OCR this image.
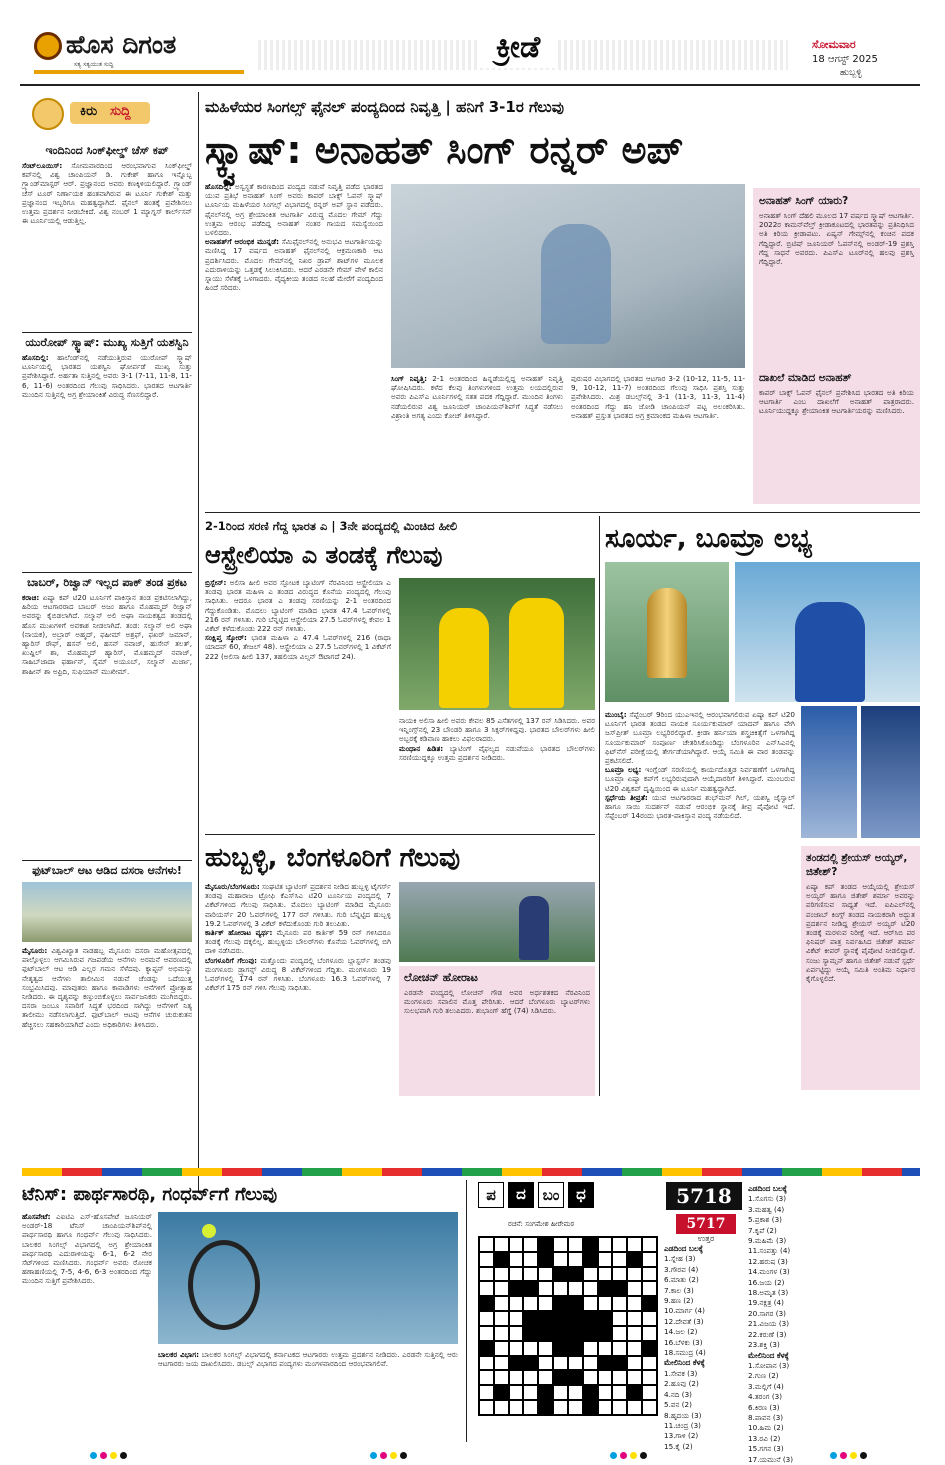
ಹೊಸ ದಿಗಂತ
ಸತ್ಯ ಸತ್ವಯುತ ಸುದ್ದಿ	ಕ್ರೀಡೆ	ಸೋಮವಾರ
18 ಆಗಸ್ಟ್ 2025
ಹುಬ್ಬಳ್ಳಿ
ಕಿರು ಸುದ್ದಿ
ಇಂದಿನಿಂದ ಸಿಂಕ್‌ಫೀಲ್ಡ್ ಚೆಸ್ ಕಪ್
ಸೆಂಟ್‌ಲೂಯಿಸ್: ಸೋಮವಾರದಿಂದ ಆರಂಭವಾಗುವ ಸಿಂಕ್‌ಫೀಲ್ಡ್ ಕಪ್‌ನಲ್ಲಿ ವಿಶ್ವ ಚಾಂಪಿಯನ್ ಡಿ. ಗುಕೇಶ್ ಹಾಗೂ ಇನ್ನೊಬ್ಬ ಗ್ರ್ಯಾಂಡ್‌ಮಾಸ್ಟರ್ ಆರ್. ಪ್ರಜ್ಞಾನಂದ ಅವರು ಕಣಕ್ಕಿಳಿಯಲಿದ್ದಾರೆ. ಗ್ರ್ಯಾಂಡ್ ಚೆಸ್ ಟೂರ್ ನಿರ್ಣಾಯಕ ಹಂತವಾಗಿರುವ ಈ ಟೂರ್ನಿ ಗುಕೇಶ್ ಮತ್ತು ಪ್ರಜ್ಞಾನಂದ ಇಬ್ಬರಿಗೂ ಮಹತ್ವದ್ದಾಗಿದೆ. ಫೈನಲ್ ಹಂತಕ್ಕೆ ಪ್ರವೇಶಿಸಲು ಉತ್ತಮ ಪ್ರದರ್ಶನ ನೀಡಬೇಕಿದೆ. ವಿಶ್ವ ನಂಬರ್ 1 ಮ್ಯಾಗ್ನಸ್ ಕಾರ್ಲ್‌ಸನ್ ಈ ಟೂರ್ನಿಯಲ್ಲಿ ಆಡುತ್ತಿಲ್ಲ.
ಯುರೋಪ್ ಸ್ಕ್ವಾಷ್: ಮುಖ್ಯ ಸುತ್ತಿಗೆ ಯಶಸ್ವಿನಿ
ಹೊಸದಿಲ್ಲಿ: ಹಾಲೆಂಡ್‌ನಲ್ಲಿ ನಡೆಯುತ್ತಿರುವ ಯುರೋಪ್ ಸ್ಕ್ವಾಷ್ ಟೂರ್ನಿಯಲ್ಲಿ ಭಾರತದ ಯಶಸ್ವಿನಿ ಘೋರ್ಪಡೆ ಮುಖ್ಯ ಸುತ್ತು ಪ್ರವೇಶಿಸಿದ್ದಾರೆ. ಅರ್ಹತಾ ಸುತ್ತಿನಲ್ಲಿ ಅವರು 3-1 (7-11, 11-8, 11-6, 11-6) ಅಂತರದಿಂದ ಗೆಲುವು ಸಾಧಿಸಿದರು. ಭಾರತದ ಆಟಗಾರ್ತಿ ಮುಂದಿನ ಸುತ್ತಿನಲ್ಲಿ ಅಗ್ರ ಶ್ರೇಯಾಂಕಿತೆ ವಿರುದ್ಧ ಸೆಣಸಲಿದ್ದಾರೆ.
ಬಾಬರ್, ರಿಜ್ವಾನ್ ಇಲ್ಲದ ಪಾಕ್ ತಂಡ ಪ್ರಕಟ
ಕರಾಚಿ: ಏಷ್ಯಾ ಕಪ್ ಟಿ20 ಟೂರ್ನಿಗೆ ಪಾಕಿಸ್ತಾನ ತಂಡ ಪ್ರಕಟಿಸಲಾಗಿದ್ದು, ಹಿರಿಯ ಆಟಗಾರರಾದ ಬಾಬರ್ ಅಜಂ ಹಾಗೂ ಮೊಹಮ್ಮದ್ ರಿಜ್ವಾನ್ ಅವರನ್ನು ಕೈಬಿಡಲಾಗಿದೆ. ಸಲ್ಮಾನ್ ಅಲಿ ಅಘಾ ನಾಯಕತ್ವದ ತಂಡದಲ್ಲಿ ಹೊಸ ಮುಖಗಳಿಗೆ ಅವಕಾಶ ನೀಡಲಾಗಿದೆ. ತಂಡ: ಸಲ್ಮಾನ್ ಅಲಿ ಅಘಾ (ನಾಯಕ), ಅಬ್ರಾರ್ ಅಹ್ಮದ್, ಫಹೀಮ್ ಅಶ್ರಫ್, ಫಖರ್ ಜಮಾನ್, ಹ್ಯಾರಿಸ್ ರೌಫ್, ಹಸನ್ ಅಲಿ, ಹಸನ್ ನವಾಜ್, ಹುಸೇನ್ ತಲತ್, ಖುಷ್ದಿಲ್ ಶಾ, ಮೊಹಮ್ಮದ್ ಹ್ಯಾರಿಸ್, ಮೊಹಮ್ಮದ್ ನವಾಜ್, ಸಾಹಿಬ್‌ಜಾದಾ ಫರ್ಹಾನ್, ಸೈಮ್ ಅಯೂಬ್, ಸಲ್ಮಾನ್ ಮಿರ್ಜಾ, ಶಾಹೀನ್ ಶಾ ಅಫ್ರಿದಿ, ಸುಫಿಯಾನ್ ಮುಖೀಮ್.
ಫುಟ್‌ಬಾಲ್ ಆಟ ಆಡಿದ ದಸರಾ ಆನೆಗಳು!
ಮೈಸೂರು: ವಿಶ್ವವಿಖ್ಯಾತ ನಾಡಹಬ್ಬ ಮೈಸೂರು ದಸರಾ ಮಹೋತ್ಸವದಲ್ಲಿ ಪಾಲ್ಗೊಳ್ಳಲು ಆಗಮಿಸಿರುವ ಗಜಪಡೆಯ ಆನೆಗಳು ಅರಮನೆ ಆವರಣದಲ್ಲಿ ಫುಟ್‌ಬಾಲ್ ಆಟ ಆಡಿ ಎಲ್ಲರ ಗಮನ ಸೆಳೆದವು. ಕ್ಯಾಪ್ಟನ್ ಅಭಿಮನ್ಯು ನೇತೃತ್ವದ ಆನೆಗಳು ತಾಲೀಮಿನ ನಡುವೆ ಚೆಂಡನ್ನು ಒದೆಯುತ್ತ ಸಂಭ್ರಮಿಸಿದವು. ಮಾವುತರು ಹಾಗೂ ಕಾವಾಡಿಗಳು ಆನೆಗಳಿಗೆ ಪ್ರೋತ್ಸಾಹ ನೀಡಿದರು. ಈ ದೃಶ್ಯವನ್ನು ಕಣ್ತುಂಬಿಕೊಳ್ಳಲು ಸಾರ್ವಜನಿಕರು ಮುಗಿಬಿದ್ದರು. ದಸರಾ ಜಂಬೂ ಸವಾರಿಗೆ ಸಿದ್ಧತೆ ಭರದಿಂದ ಸಾಗಿದ್ದು ಆನೆಗಳಿಗೆ ನಿತ್ಯ ತಾಲೀಮು ನಡೆಸಲಾಗುತ್ತಿದೆ. ಫುಟ್‌ಬಾಲ್ ಆಟವು ಆನೆಗಳ ಚುರುಕುತನ ಹೆಚ್ಚಿಸಲು ಸಹಕಾರಿಯಾಗಿದೆ ಎಂದು ಅಧಿಕಾರಿಗಳು ತಿಳಿಸಿದರು.
ಮಹಿಳೆಯರ ಸಿಂಗಲ್ಸ್ ಫೈನಲ್ ಪಂದ್ಯದಿಂದ ನಿವೃತ್ತಿ | ಹನಿಗೆ 3-1ರ ಗೆಲುವು
ಸ್ಕ್ವಾಷ್: ಅನಾಹತ್ ಸಿಂಗ್ ರನ್ನರ್ ಅಪ್
ಹೊಸದಿಲ್ಲಿ: ಅಸ್ವಸ್ಥತೆ ಕಾರಣದಿಂದ ಪಂದ್ಯದ ನಡುವೆ ನಿವೃತ್ತಿ ಪಡೆದ ಭಾರತದ ಯುವ ಪ್ರತಿಭೆ ಅನಾಹತ್ ಸಿಂಗ್ ಅವರು ಕಾಪರ್ ಬಾಕ್ಸ್ ಓಪನ್ ಸ್ಕ್ವಾಷ್ ಟೂರ್ನಿಯ ಮಹಿಳೆಯರ ಸಿಂಗಲ್ಸ್ ವಿಭಾಗದಲ್ಲಿ ರನ್ನರ್ ಅಪ್ ಸ್ಥಾನ ಪಡೆದರು. ಫೈನಲ್‌ನಲ್ಲಿ ಅಗ್ರ ಶ್ರೇಯಾಂಕಿತ ಆಟಗಾರ್ತಿ ವಿರುದ್ಧ ಮೊದಲ ಗೇಮ್ ಗೆದ್ದು ಉತ್ತಮ ಆರಂಭ ಪಡೆದಿದ್ದ ಅನಾಹತ್ ನಂತರ ಗಾಯದ ಸಮಸ್ಯೆಯಿಂದ ಬಳಲಿದರು.
ಅನಾಹತ್‌ಗೆ ಆರಂಭಿಕ ಮುನ್ನಡೆ: ಸೆಮಿಫೈನಲ್‌ನಲ್ಲಿ ಅನುಭವಿ ಆಟಗಾರ್ತಿಯನ್ನು ಮಣಿಸಿದ್ದ 17 ವರ್ಷದ ಅನಾಹತ್ ಫೈನಲ್‌ನಲ್ಲಿ ಆಕ್ರಮಣಕಾರಿ ಆಟ ಪ್ರದರ್ಶಿಸಿದರು. ಮೊದಲ ಗೇಮ್‌ನಲ್ಲಿ ನಿಖರ ಡ್ರಾಪ್ ಶಾಟ್‌ಗಳ ಮೂಲಕ ಎದುರಾಳಿಯನ್ನು ಒತ್ತಡಕ್ಕೆ ಸಿಲುಕಿಸಿದರು. ಆದರೆ ಎರಡನೇ ಗೇಮ್ ವೇಳೆ ಕಾಲಿನ ಸ್ನಾಯು ಸೆಳೆತಕ್ಕೆ ಒಳಗಾದರು. ವೈದ್ಯಕೀಯ ತಂಡದ ಸಲಹೆ ಮೇರೆಗೆ ಪಂದ್ಯದಿಂದ ಹಿಂದೆ ಸರಿದರು.
ಸಿಂಗ್ ನಿವೃತ್ತಿ: 2-1 ಅಂತರದಿಂದ ಹಿನ್ನಡೆಯಲ್ಲಿದ್ದ ಅನಾಹತ್ ನಿವೃತ್ತಿ ಘೋಷಿಸಿದರು. ಕಳೆದ ಕೆಲವು ತಿಂಗಳುಗಳಿಂದ ಉತ್ತಮ ಲಯದಲ್ಲಿರುವ ಅವರು ಪಿಎಸ್‌ಎ ಟೂರ್ನಿಗಳಲ್ಲಿ ಸತತ ಪದಕ ಗೆದ್ದಿದ್ದಾರೆ. ಮುಂದಿನ ತಿಂಗಳು ನಡೆಯಲಿರುವ ವಿಶ್ವ ಜೂನಿಯರ್ ಚಾಂಪಿಯನ್‌ಶಿಪ್‌ಗೆ ಸಿದ್ಧತೆ ನಡೆಸಲು ವಿಶ್ರಾಂತಿ ಅಗತ್ಯ ಎಂದು ಕೋಚ್ ತಿಳಿಸಿದ್ದಾರೆ.
ಪುರುಷರ ವಿಭಾಗದಲ್ಲಿ ಭಾರತದ ಆಟಗಾರ 3-2 (10-12, 11-5, 11-9, 10-12, 11-7) ಅಂತರದಿಂದ ಗೆಲುವು ಸಾಧಿಸಿ ಪ್ರಶಸ್ತಿ ಸುತ್ತು ಪ್ರವೇಶಿಸಿದರು. ಮಿಶ್ರ ಡಬಲ್ಸ್‌ನಲ್ಲಿ 3-1 (11-3, 11-3, 11-4) ಅಂತರದಿಂದ ಗೆದ್ದು ಹನಿ ಜೋಡಿ ಚಾಂಪಿಯನ್ ಪಟ್ಟ ಅಲಂಕರಿಸಿತು. ಅನಾಹತ್ ಪ್ರಸ್ತುತ ಭಾರತದ ಅಗ್ರ ಕ್ರಮಾಂಕದ ಮಹಿಳಾ ಆಟಗಾರ್ತಿ.
ಅನಾಹತ್ ಸಿಂಗ್ ಯಾರು?
ಅನಾಹತ್ ಸಿಂಗ್ ದೆಹಲಿ ಮೂಲದ 17 ವರ್ಷದ ಸ್ಕ್ವಾಷ್ ಆಟಗಾರ್ತಿ. 2022ರ ಕಾಮನ್‌ವೆಲ್ತ್ ಕ್ರೀಡಾಕೂಟದಲ್ಲಿ ಭಾರತವನ್ನು ಪ್ರತಿನಿಧಿಸಿದ ಅತಿ ಕಿರಿಯ ಕ್ರೀಡಾಪಟು. ಏಷ್ಯನ್ ಗೇಮ್ಸ್‌ನಲ್ಲಿ ಕಂಚಿನ ಪದಕ ಗೆದ್ದಿದ್ದಾರೆ. ಬ್ರಿಟಿಷ್ ಜೂನಿಯರ್ ಓಪನ್‌ನಲ್ಲಿ ಅಂಡರ್-19 ಪ್ರಶಸ್ತಿ ಗೆದ್ದ ಸಾಧನೆ ಅವರದು. ಪಿಎಸ್‌ಎ ಟೂರ್‌ನಲ್ಲಿ ಹಲವು ಪ್ರಶಸ್ತಿ ಗೆದ್ದಿದ್ದಾರೆ.
ದಾಖಲೆ ಮಾಡಿದ ಅನಾಹತ್
ಕಾಪರ್ ಬಾಕ್ಸ್ ಓಪನ್ ಫೈನಲ್ ಪ್ರವೇಶಿಸಿದ ಭಾರತದ ಅತಿ ಕಿರಿಯ ಆಟಗಾರ್ತಿ ಎಂಬ ದಾಖಲೆಗೆ ಅನಾಹತ್ ಪಾತ್ರರಾದರು. ಟೂರ್ನಿಯುದ್ದಕ್ಕೂ ಶ್ರೇಯಾಂಕಿತ ಆಟಗಾರ್ತಿಯರನ್ನು ಮಣಿಸಿದರು.
2-1ರಿಂದ ಸರಣಿ ಗೆದ್ದ ಭಾರತ ಎ | 3ನೇ ಪಂದ್ಯದಲ್ಲಿ ಮಿಂಚಿದ ಹೀಲಿ
ಆಸ್ಟ್ರೇಲಿಯಾ ಎ ತಂಡಕ್ಕೆ ಗೆಲುವು
ಬ್ರಿಸ್ಬೇನ್: ಅಲಿಸಾ ಹೀಲಿ ಅವರ ಸ್ಫೋಟಕ ಬ್ಯಾಟಿಂಗ್ ನೆರವಿನಿಂದ ಆಸ್ಟ್ರೇಲಿಯಾ ಎ ತಂಡವು ಭಾರತ ಮಹಿಳಾ ಎ ತಂಡದ ವಿರುದ್ಧದ ಕೊನೆಯ ಪಂದ್ಯದಲ್ಲಿ ಗೆಲುವು ಸಾಧಿಸಿತು. ಆದರೂ ಭಾರತ ಎ ತಂಡವು ಸರಣಿಯನ್ನು 2-1 ಅಂತರದಿಂದ ಗೆದ್ದುಕೊಂಡಿತು. ಮೊದಲು ಬ್ಯಾಟಿಂಗ್ ಮಾಡಿದ ಭಾರತ 47.4 ಓವರ್‌ಗಳಲ್ಲಿ 216 ರನ್ ಗಳಿಸಿತು. ಗುರಿ ಬೆನ್ನಟ್ಟಿದ ಆಸ್ಟ್ರೇಲಿಯಾ 27.5 ಓವರ್‌ಗಳಲ್ಲಿ ಕೇವಲ 1 ವಿಕೆಟ್ ಕಳೆದುಕೊಂಡು 222 ರನ್ ಗಳಿಸಿತು.
ಸಂಕ್ಷಿಪ್ತ ಸ್ಕೋರ್: ಭಾರತ ಮಹಿಳಾ ಎ 47.4 ಓವರ್‌ಗಳಲ್ಲಿ 216 (ರಾಧಾ ಯಾದವ್ 60, ತೇಜಲ್ 48). ಆಸ್ಟ್ರೇಲಿಯಾ ಎ 27.5 ಓವರ್‌ಗಳಲ್ಲಿ 1 ವಿಕೆಟ್‌ಗೆ 222 (ಅಲಿಸಾ ಹೀಲಿ 137, ತಹಲಿಯಾ ವಿಲ್ಸನ್ ಔಟಾಗದೆ 24).
ನಾಯಕಿ ಅಲಿಸಾ ಹೀಲಿ ಅವರು ಕೇವಲ 85 ಎಸೆತಗಳಲ್ಲಿ 137 ರನ್ ಸಿಡಿಸಿದರು. ಅವರ ಇನ್ನಿಂಗ್ಸ್‌ನಲ್ಲಿ 23 ಬೌಂಡರಿ ಹಾಗೂ 3 ಸಿಕ್ಸರ್‌ಗಳಿದ್ದವು. ಭಾರತದ ಬೌಲರ್‌ಗಳು ಹೀಲಿ ಅಬ್ಬರಕ್ಕೆ ಕಡಿವಾಣ ಹಾಕಲು ವಿಫಲರಾದರು.
ಮಂಧಾನ ಹಿಡಿತ: ಬ್ಯಾಟಿಂಗ್ ವೈಫಲ್ಯದ ನಡುವೆಯೂ ಭಾರತದ ಬೌಲರ್‌ಗಳು ಸರಣಿಯುದ್ದಕ್ಕೂ ಉತ್ತಮ ಪ್ರದರ್ಶನ ನೀಡಿದರು.
ಸೂರ್ಯ, ಬೂಮ್ರಾ ಲಭ್ಯ
ಮುಂಬೈ: ಸೆಪ್ಟೆಂಬರ್ 9ರಿಂದ ಯುಎಇನಲ್ಲಿ ಆರಂಭವಾಗಲಿರುವ ಏಷ್ಯಾ ಕಪ್ ಟಿ20 ಟೂರ್ನಿಗೆ ಭಾರತ ತಂಡದ ನಾಯಕ ಸೂರ್ಯಕುಮಾರ್ ಯಾದವ್ ಹಾಗೂ ವೇಗಿ ಜಸ್‌ಪ್ರೀತ್ ಬೂಮ್ರಾ ಲಭ್ಯರಿರಲಿದ್ದಾರೆ. ಕ್ರೀಡಾ ಹರ್ನಿಯಾ ಶಸ್ತ್ರಚಿಕಿತ್ಸೆಗೆ ಒಳಗಾಗಿದ್ದ ಸೂರ್ಯಕುಮಾರ್ ಸಂಪೂರ್ಣ ಚೇತರಿಸಿಕೊಂಡಿದ್ದು ಬೆಂಗಳೂರಿನ ಎನ್‌ಸಿಎನಲ್ಲಿ ಫಿಟ್‌ನೆಸ್ ಪರೀಕ್ಷೆಯಲ್ಲಿ ತೇರ್ಗಡೆಯಾಗಿದ್ದಾರೆ. ಆಯ್ಕೆ ಸಮಿತಿ ಈ ವಾರ ತಂಡವನ್ನು ಪ್ರಕಟಿಸಲಿದೆ.
ಬೂಮ್ರಾ ಲಭ್ಯ: ಇಂಗ್ಲೆಂಡ್ ಸರಣಿಯಲ್ಲಿ ಕಾರ್ಯದೊತ್ತಡ ನಿರ್ವಹಣೆಗೆ ಒಳಗಾಗಿದ್ದ ಬೂಮ್ರಾ ಏಷ್ಯಾ ಕಪ್‌ಗೆ ಲಭ್ಯರಿರುವುದಾಗಿ ಆಯ್ಕೆದಾರರಿಗೆ ತಿಳಿಸಿದ್ದಾರೆ. ಮುಂಬರುವ ಟಿ20 ವಿಶ್ವಕಪ್ ದೃಷ್ಟಿಯಿಂದ ಈ ಟೂರ್ನಿ ಮಹತ್ವದ್ದಾಗಿದೆ.
ಸ್ಪರ್ಧೆಯ ತೀವ್ರತೆ: ಯುವ ಆಟಗಾರರಾದ ಶುಭ್‌ಮನ್ ಗಿಲ್, ಯಶಸ್ವಿ ಜೈಸ್ವಾಲ್ ಹಾಗೂ ಸಾಯಿ ಸುದರ್ಶನ್ ನಡುವೆ ಆರಂಭಿಕ ಸ್ಥಾನಕ್ಕೆ ತೀವ್ರ ಪೈಪೋಟಿ ಇದೆ. ಸೆಪ್ಟೆಂಬರ್ 14ರಂದು ಭಾರತ-ಪಾಕಿಸ್ತಾನ ಪಂದ್ಯ ನಡೆಯಲಿದೆ.
ತಂಡದಲ್ಲಿ ಶ್ರೇಯಸ್ ಅಯ್ಯರ್, ಜಿತೇಶ್?
ಏಷ್ಯಾ ಕಪ್ ತಂಡದ ಆಯ್ಕೆಯಲ್ಲಿ ಶ್ರೇಯಸ್ ಅಯ್ಯರ್ ಹಾಗೂ ಜಿತೇಶ್ ಶರ್ಮಾ ಅವರನ್ನು ಪರಿಗಣಿಸುವ ಸಾಧ್ಯತೆ ಇದೆ. ಐಪಿಎಲ್‌ನಲ್ಲಿ ಪಂಜಾಬ್ ಕಿಂಗ್ಸ್ ತಂಡದ ನಾಯಕರಾಗಿ ಅದ್ಭುತ ಪ್ರದರ್ಶನ ನೀಡಿದ್ದ ಶ್ರೇಯಸ್ ಅಯ್ಯರ್ ಟಿ20 ತಂಡಕ್ಕೆ ಮರಳುವ ನಿರೀಕ್ಷೆ ಇದೆ. ಆರ್‌ಸಿಬಿ ಪರ ಫಿನಿಷರ್ ಪಾತ್ರ ನಿರ್ವಹಿಸಿದ ಜಿತೇಶ್ ಶರ್ಮಾ ವಿಕೆಟ್ ಕೀಪರ್ ಸ್ಥಾನಕ್ಕೆ ಪೈಪೋಟಿ ನೀಡಲಿದ್ದಾರೆ. ಸಂಜು ಸ್ಯಾಮ್ಸನ್ ಹಾಗೂ ಜಿತೇಶ್ ನಡುವೆ ಸ್ಪರ್ಧೆ ಏರ್ಪಟ್ಟಿದ್ದು ಆಯ್ಕೆ ಸಮಿತಿ ಅಂತಿಮ ನಿರ್ಧಾರ ಕೈಗೊಳ್ಳಲಿದೆ.
ಹುಬ್ಬಳ್ಳಿ, ಬೆಂಗಳೂರಿಗೆ ಗೆಲುವು
ಮೈಸೂರು/ಬೆಂಗಳೂರು: ಸಂಘಟಿತ ಬ್ಯಾಟಿಂಗ್ ಪ್ರದರ್ಶನ ನೀಡಿದ ಹುಬ್ಬಳ್ಳಿ ಟೈಗರ್ಸ್ ತಂಡವು ಮಹಾರಾಜ ಟ್ರೋಫಿ ಕೆಎಸ್‌ಸಿಎ ಟಿ20 ಟೂರ್ನಿಯ ಪಂದ್ಯದಲ್ಲಿ 7 ವಿಕೆಟ್‌ಗಳಿಂದ ಗೆಲುವು ಸಾಧಿಸಿತು. ಮೊದಲು ಬ್ಯಾಟಿಂಗ್ ಮಾಡಿದ ಮೈಸೂರು ವಾರಿಯರ್ಸ್ 20 ಓವರ್‌ಗಳಲ್ಲಿ 177 ರನ್ ಗಳಿಸಿತು. ಗುರಿ ಬೆನ್ನಟ್ಟಿದ ಹುಬ್ಬಳ್ಳಿ 19.2 ಓವರ್‌ಗಳಲ್ಲಿ 3 ವಿಕೆಟ್ ಕಳೆದುಕೊಂಡು ಗುರಿ ತಲುಪಿತು.
ಕಾರ್ತಿಕ್ ಹೋರಾಟ ವ್ಯರ್ಥ: ಮೈಸೂರು ಪರ ಕಾರ್ತಿಕ್ 59 ರನ್ ಗಳಿಸಿದರೂ ತಂಡಕ್ಕೆ ಗೆಲುವು ದಕ್ಕಲಿಲ್ಲ. ಹುಬ್ಬಳ್ಳಿಯ ಬೌಲರ್‌ಗಳು ಕೊನೆಯ ಓವರ್‌ಗಳಲ್ಲಿ ಬಿಗಿ ದಾಳಿ ನಡೆಸಿದರು.
ಬೆಂಗಳೂರಿಗೆ ಗೆಲುವು: ಮತ್ತೊಂದು ಪಂದ್ಯದಲ್ಲಿ ಬೆಂಗಳೂರು ಬ್ಲಾಸ್ಟರ್ಸ್ ತಂಡವು ಮಂಗಳೂರು ಡ್ರ್ಯಾಗನ್ಸ್ ವಿರುದ್ಧ 8 ವಿಕೆಟ್‌ಗಳಿಂದ ಗೆದ್ದಿತು. ಮಂಗಳೂರು 19 ಓವರ್‌ಗಳಲ್ಲಿ 174 ರನ್ ಗಳಿಸಿತು. ಬೆಂಗಳೂರು 16.3 ಓವರ್‌ಗಳಲ್ಲಿ 7 ವಿಕೆಟ್‌ಗೆ 175 ರನ್ ಗಳಿಸಿ ಗೆಲುವು ಸಾಧಿಸಿತು.
ಲೋಚನ್ ಹೋರಾಟ
ಎರಡನೇ ಪಂದ್ಯದಲ್ಲಿ ಲೋಚನ್ ಗೌಡ ಅವರ ಅರ್ಧಶತಕದ ನೆರವಿನಿಂದ ಮಂಗಳೂರು ಸವಾಲಿನ ಮೊತ್ತ ಪೇರಿಸಿತು. ಆದರೆ ಬೆಂಗಳೂರು ಬ್ಯಾಟರ್‌ಗಳು ಸುಲಭವಾಗಿ ಗುರಿ ತಲುಪಿದರು. ಶುಭಾಂಗ್ ಹೆಗ್ಡೆ (74) ಸಿಡಿಸಿದರು.
ಟೆನಿಸ್: ಪಾರ್ಥಸಾರಥಿ, ಗಂಧರ್ವ್‌ಗೆ ಗೆಲುವು
ಹೊಸಪೇಟೆ: ಎಐಟಿಎ ಎಸ್-ಹೊಸಪೇಟೆ ಜೂನಿಯರ್ ಅಂಡರ್-18 ಟೆನಿಸ್ ಚಾಂಪಿಯನ್‌ಶಿಪ್‌ನಲ್ಲಿ ಪಾರ್ಥಸಾರಥಿ ಹಾಗೂ ಗಂಧರ್ವ್ ಗೆಲುವು ಸಾಧಿಸಿದರು. ಬಾಲಕರ ಸಿಂಗಲ್ಸ್ ವಿಭಾಗದಲ್ಲಿ ಅಗ್ರ ಶ್ರೇಯಾಂಕಿತ ಪಾರ್ಥಸಾರಥಿ ಎದುರಾಳಿಯನ್ನು 6-1, 6-2 ನೇರ ಸೆಟ್‌ಗಳಿಂದ ಮಣಿಸಿದರು. ಗಂಧರ್ವ್ ಅವರು ರೋಚಕ ಹಣಾಹಣಿಯಲ್ಲಿ 7-5, 4-6, 6-3 ಅಂತರದಿಂದ ಗೆದ್ದು ಮುಂದಿನ ಸುತ್ತಿಗೆ ಪ್ರವೇಶಿಸಿದರು.
ಬಾಲಕರ ವಿಭಾಗ: ಬಾಲಕರ ಸಿಂಗಲ್ಸ್ ವಿಭಾಗದಲ್ಲಿ ಕರ್ನಾಟಕದ ಆಟಗಾರರು ಉತ್ತಮ ಪ್ರದರ್ಶನ ನೀಡಿದರು. ಎರಡನೇ ಸುತ್ತಿನಲ್ಲಿ ಆರು ಆಟಗಾರರು ಜಯ ದಾಖಲಿಸಿದರು. ಡಬಲ್ಸ್ ವಿಭಾಗದ ಪಂದ್ಯಗಳು ಮಂಗಳವಾರದಿಂದ ಆರಂಭವಾಗಲಿವೆ.
ಪ	ದ	ಬಂ	ಧ
ರಚನೆ: ಸಂಗಮೇಶ ಹೀರೇಮಠ
ಎಡದಿಂದ ಬಲಕ್ಕೆ
1.ಸ್ನೇಹ (3)
3.ಗೌರವ (4)
6.ಮಾತು (2)
7.ಕಾಲ (3)
9.ಹಣ (2)
10.ಮಾರ್ಗ (4)
12.ದೇವತೆ (3)
14.ಜಲ (2)
16.ಬೆಳಕು (3)
18.ಸಮುದ್ರ (4)
ಮೇಲಿನಿಂದ ಕೆಳಕ್ಕೆ
1.ಸೇವಕ (3)
2.ಹೂವು (2)
4.ನದಿ (3)
5.ವನ (2)
8.ಹೃದಯ (3)
11.ಚಂದ್ರ (3)
13.ಗಾಳಿ (2)
15.ಕೈ (2)
5718
5717
ಉತ್ತರ
ಎಡದಿಂದ ಬಲಕ್ಕೆ
1.ಸೊಗಸು (3)
3.ಮಹತ್ವ (4)
5.ಪ್ರಕಾಶ (3)
7.ಕೃಪೆ (2)
9.ಮಹಿಮೆ (3)
11.ಸಂಪತ್ತು (4)
12.ಹರುಷ (3)
14.ಮಂಗಳ (3)
16.ಜಯ (2)
18.ಅಮೃತ (3)
19.ನಕ್ಷತ್ರ (4)
20.ಸಾಗರ (3)
21.ವಿಜಯ (3)
22.ಕರುಣೆ (3)
23.ಶಕ್ತಿ (3)
ಮೇಲಿನಿಂದ ಕೆಳಕ್ಕೆ
1.ಸೋಪಾನ (3)
2.ಗುಣ (2)
3.ಮಲ್ಲಿಗೆ (4)
4.ತರಂಗ (3)
6.ಕಿರಣ (3)
8.ಪಾವನ (3)
10.ಹಿಮ (2)
13.ರವಿ (2)
15.ಗಗನ (3)
17.ಯಮುನೆ (3)
